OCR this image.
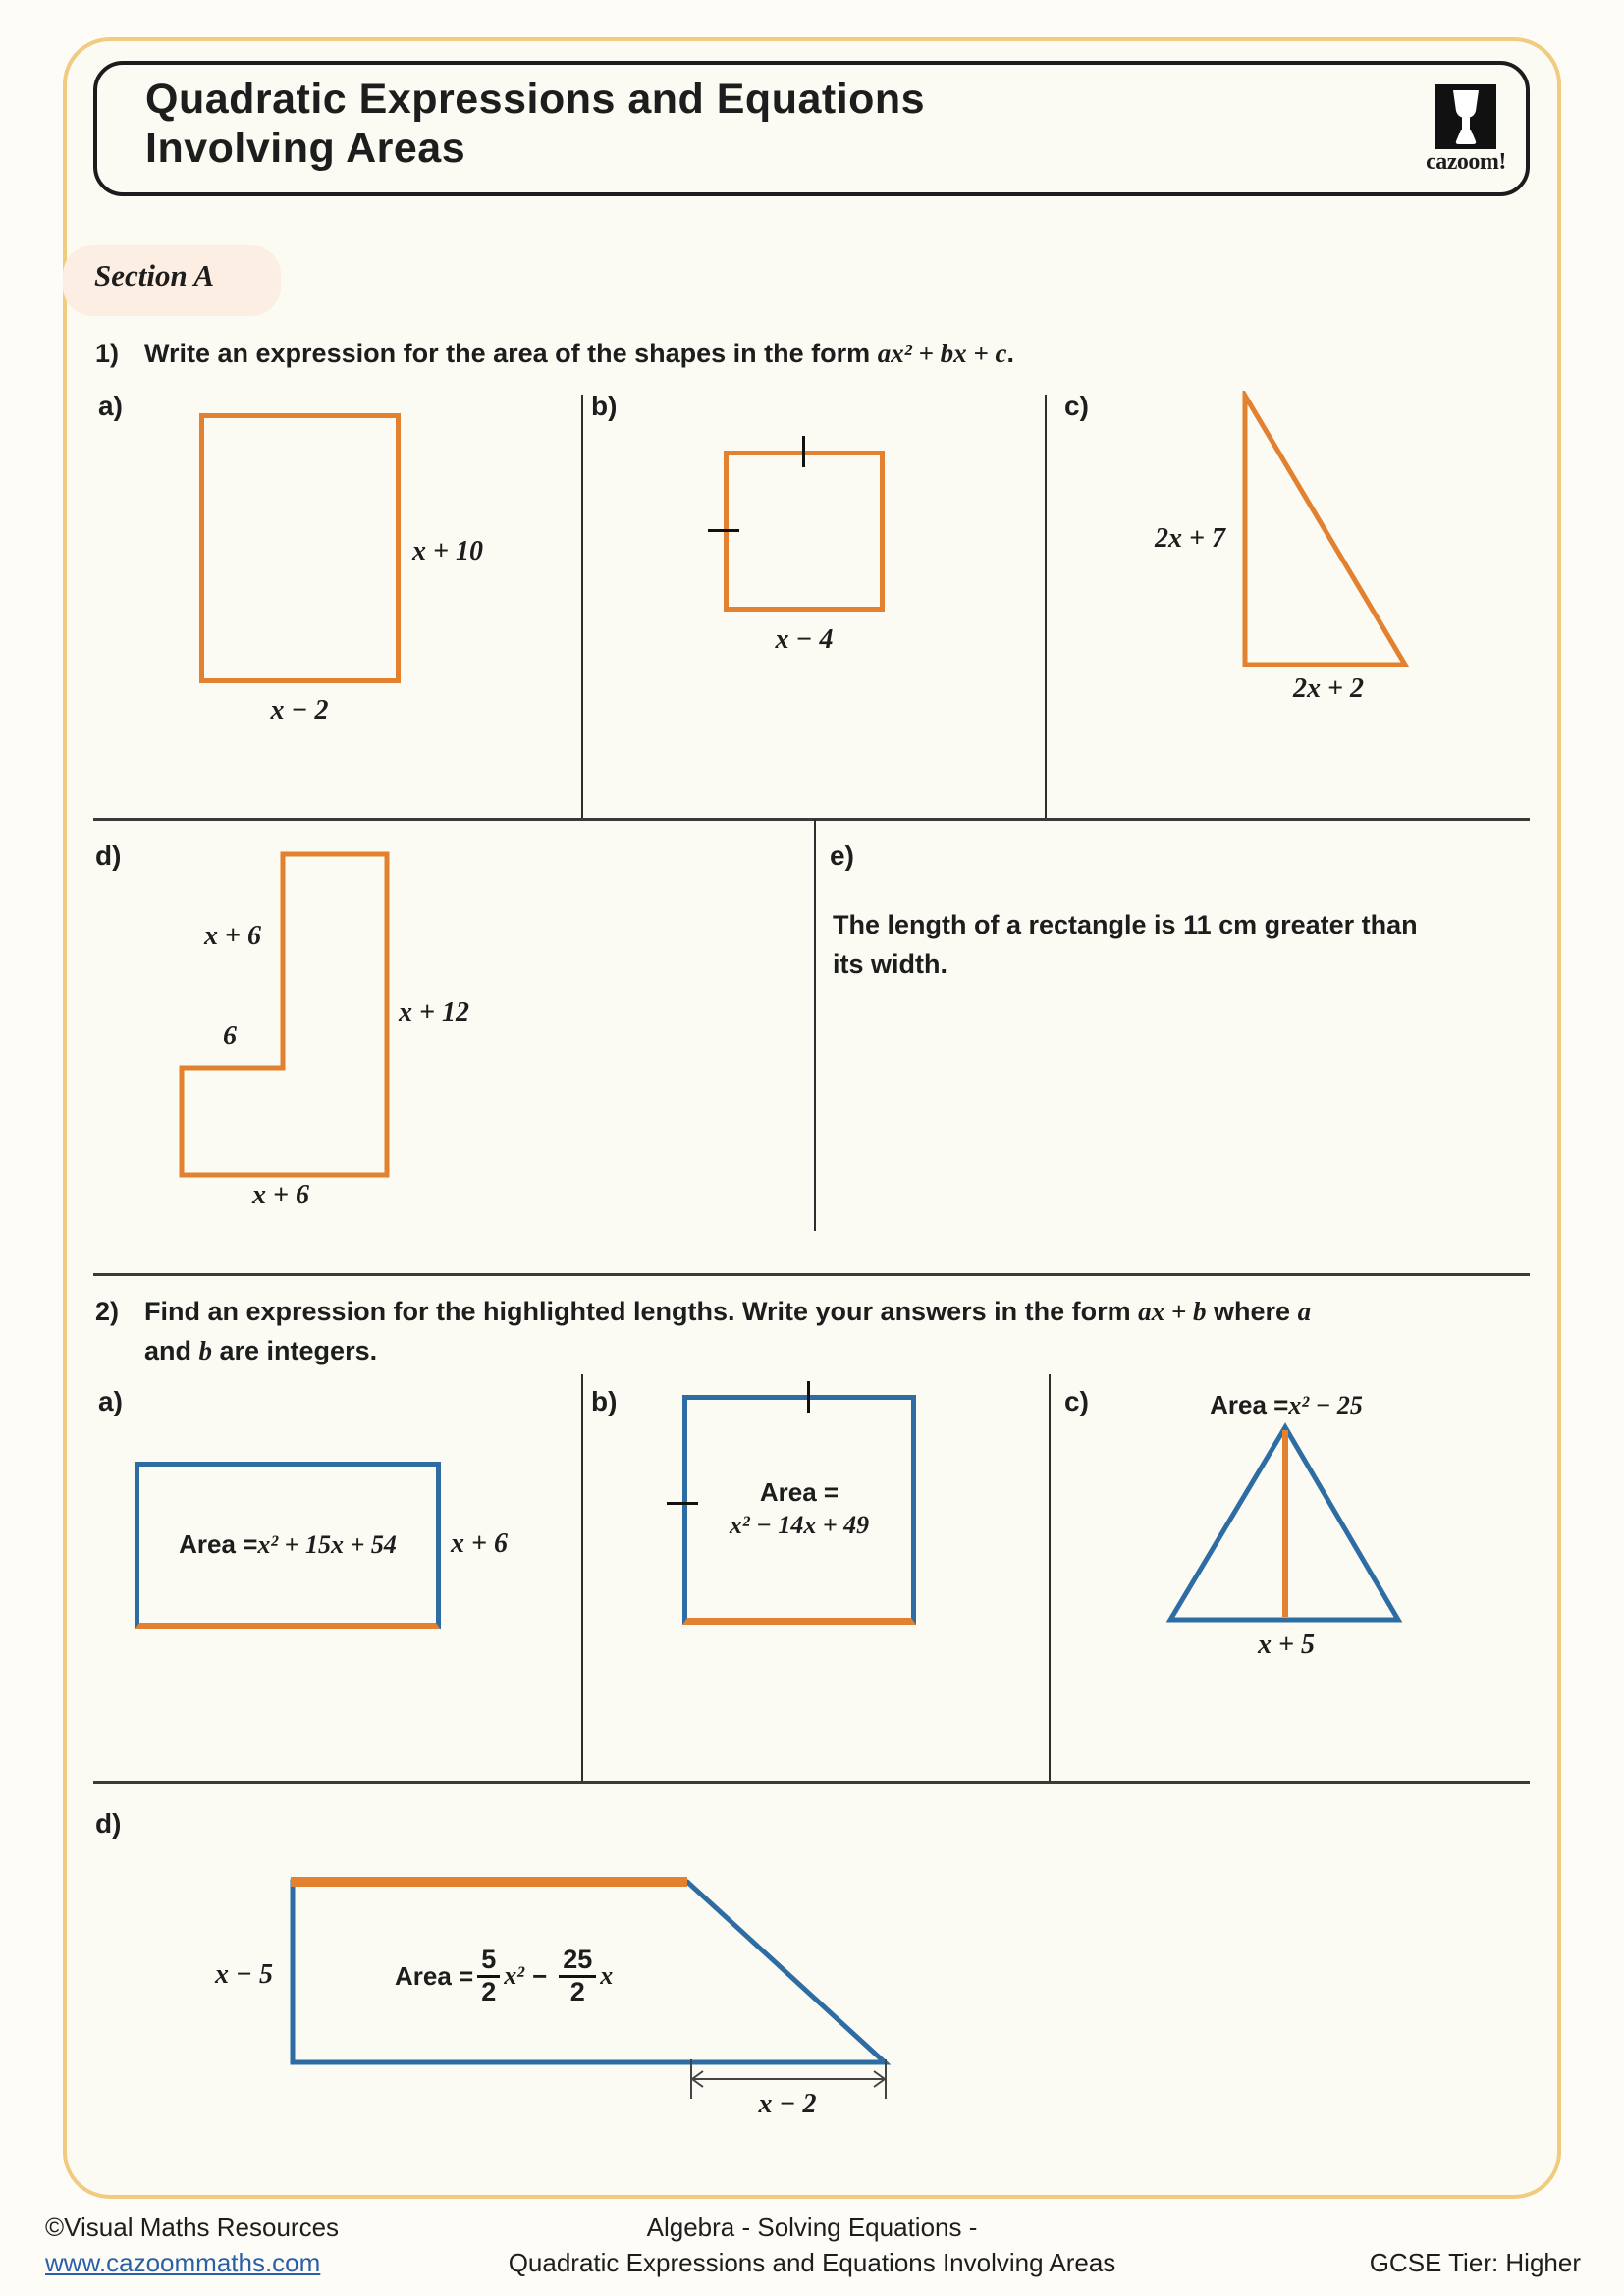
Quadratic Expressions and Equations
Involving Areas	cazoom!
Section A
1) Write an expression for the area of the shapes in the form ax² + bx + c.
a)	b)	c)
x + 10
x − 2
x − 4
2x + 7
2x + 2
d)	e)
x + 6
6
x + 12
x + 6
The length of a rectangle is 11 cm greater than
its width.
2) Find an expression for the highlighted lengths. Write your answers in the form ax + b where a
and b are integers.
a)	b)	c)
Area = x² + 15x + 54 x + 6
Area =
x² − 14x + 49
Area = x² − 25
x + 5
d)
x − 5	Area = $\frac{5}{2} x^2 - \frac{25}{2}$ x
x − 2
©Visual Maths Resources
www.cazoommaths.com
Algebra - Solving Equations -
Quadratic Expressions and Equations Involving Areas	GCSE Tier: Higher
